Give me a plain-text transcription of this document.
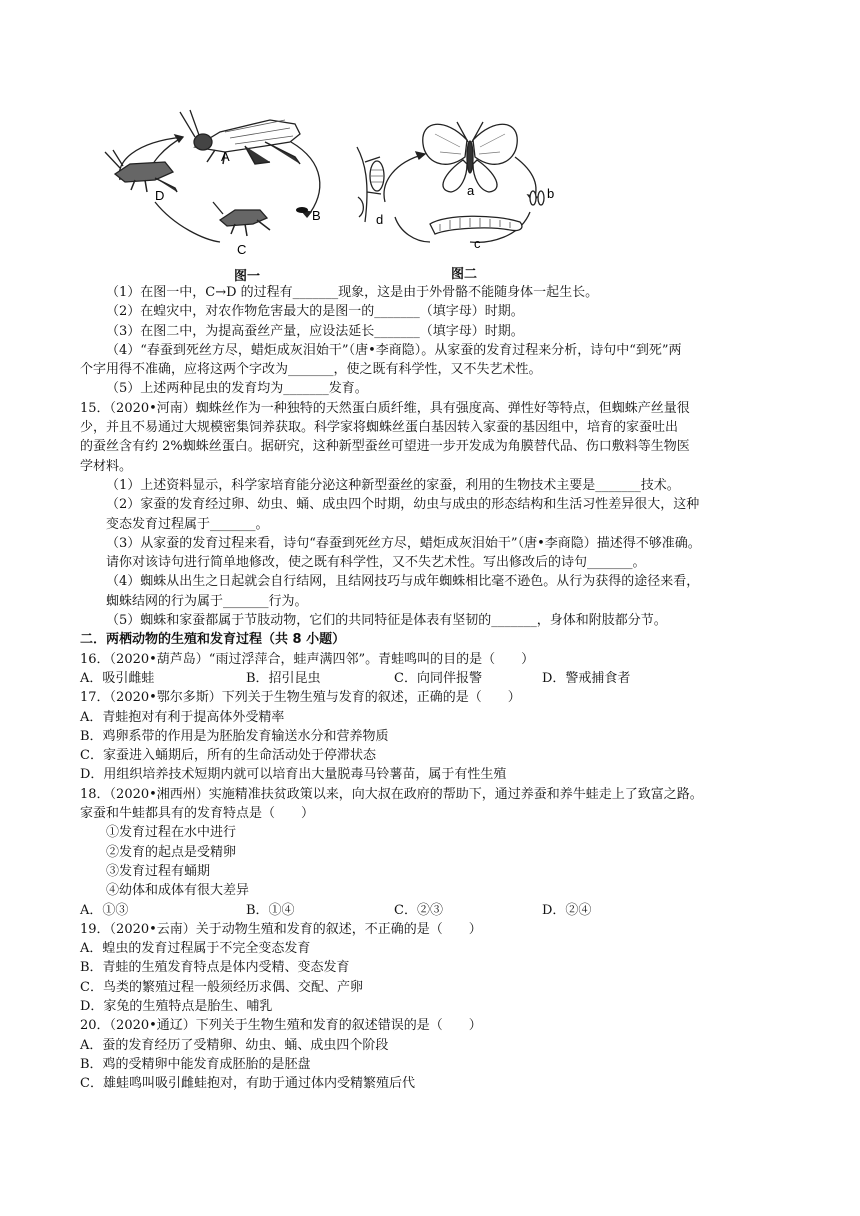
A
B
C
D	a	b
c
d
图一	图二

（1）在图一中，C→D 的过程有_______现象，这是由于外骨骼不能随身体一起生长。

（2）在蝗灾中，对农作物危害最大的是图一的_______（填字母）时期。

（3）在图二中，为提高蚕丝产量，应设法延长_______（填字母）时期。

（4）“春蚕到死丝方尽，蜡炬成灰泪始干”（唐•李商隐）。从家蚕的发育过程来分析，诗句中“到死”两

个字用得不准确，应将这两个字改为_______，使之既有科学性，又不失艺术性。

（5）上述两种昆虫的发育均为_______发育。

15．（2020•河南）蜘蛛丝作为一种独特的天然蛋白质纤维，具有强度高、弹性好等特点，但蜘蛛产丝量很

少，并且不易通过大规模密集饲养获取。科学家将蜘蛛丝蛋白基因转入家蚕的基因组中，培育的家蚕吐出

的蚕丝含有约 2%蜘蛛丝蛋白。据研究，这种新型蚕丝可望进一步开发成为角膜替代品、伤口敷料等生物医

学材料。

（1）上述资料显示，科学家培育能分泌这种新型蚕丝的家蚕，利用的生物技术主要是_______技术。

（2）家蚕的发育经过卵、幼虫、蛹、成虫四个时期，幼虫与成虫的形态结构和生活习性差异很大，这种

变态发育过程属于_______。

（3）从家蚕的发育过程来看，诗句“春蚕到死丝方尽，蜡炬成灰泪始干”（唐•李商隐）描述得不够准确。

请你对该诗句进行简单地修改，使之既有科学性，又不失艺术性。写出修改后的诗句_______。

（4）蜘蛛从出生之日起就会自行结网，且结网技巧与成年蜘蛛相比毫不逊色。从行为获得的途径来看，

蜘蛛结网的行为属于_______行为。

（5）蜘蛛和家蚕都属于节肢动物，它们的共同特征是体表有坚韧的_______，身体和附肢都分节。

二．两栖动物的生殖和发育过程（共 8 小题）

16．（2020•葫芦岛）“雨过浮萍合，蛙声满四邻”。青蛙鸣叫的目的是（　　）

A．吸引雌蛙	B．招引昆虫	C．向同伴报警	D．警戒捕食者

17．（2020•鄂尔多斯）下列关于生物生殖与发育的叙述，正确的是（　　）

A．青蛙抱对有利于提高体外受精率

B．鸡卵系带的作用是为胚胎发育输送水分和营养物质

C．家蚕进入蛹期后，所有的生命活动处于停滞状态

D．用组织培养技术短期内就可以培育出大量脱毒马铃薯苗，属于有性生殖

18．（2020•湘西州）实施精准扶贫政策以来，向大叔在政府的帮助下，通过养蚕和养牛蛙走上了致富之路。

家蚕和牛蛙都具有的发育特点是（　　）

①发育过程在水中进行

②发育的起点是受精卵

③发育过程有蛹期

④幼体和成体有很大差异

A．①③	B．①④	C．②③	D．②④

19．（2020•云南）关于动物生殖和发育的叙述，不正确的是（　　）

A．蝗虫的发育过程属于不完全变态发育

B．青蛙的生殖发育特点是体内受精、变态发育

C．鸟类的繁殖过程一般须经历求偶、交配、产卵

D．家兔的生殖特点是胎生、哺乳

20．（2020•通辽）下列关于生物生殖和发育的叙述错误的是（　　）

A．蚕的发育经历了受精卵、幼虫、蛹、成虫四个阶段

B．鸡的受精卵中能发育成胚胎的是胚盘

C．雄蛙鸣叫吸引雌蛙抱对，有助于通过体内受精繁殖后代
